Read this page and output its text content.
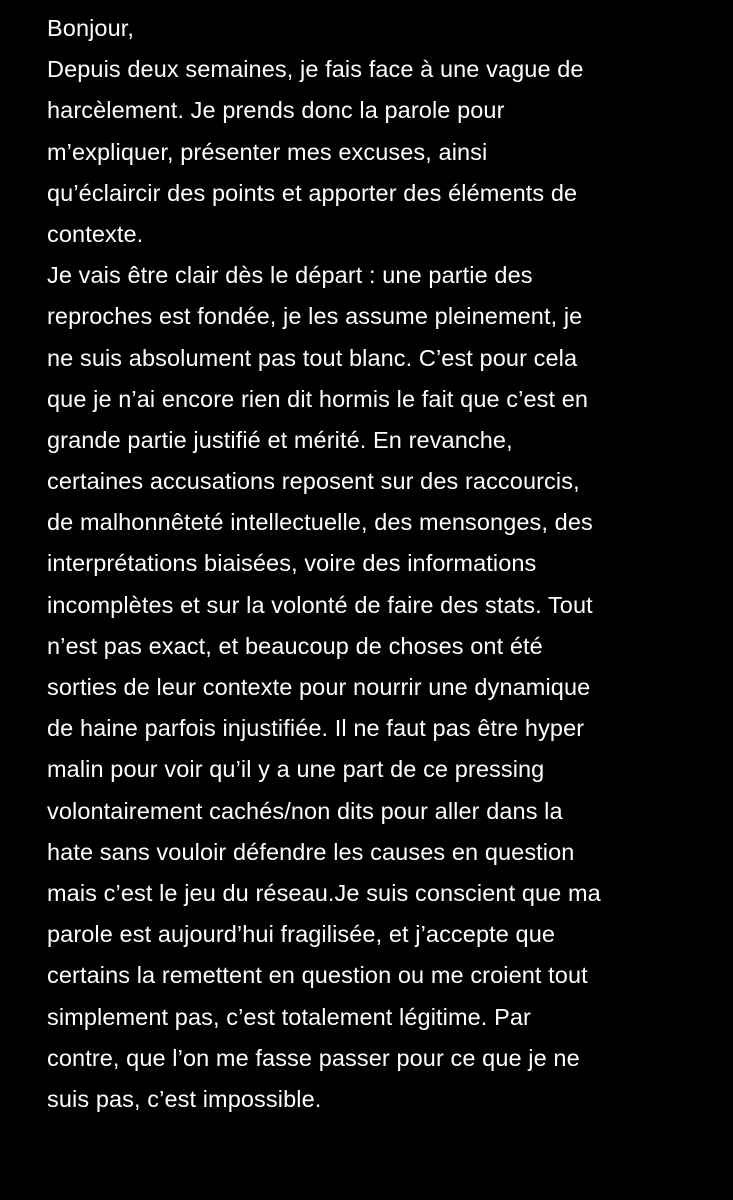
Bonjour,
Depuis deux semaines, je fais face à une vague de
harcèlement. Je prends donc la parole pour
m’expliquer, présenter mes excuses, ainsi
qu’éclaircir des points et apporter des éléments de
contexte.
Je vais être clair dès le départ : une partie des
reproches est fondée, je les assume pleinement, je
ne suis absolument pas tout blanc. C’est pour cela
que je n’ai encore rien dit hormis le fait que c’est en
grande partie justifié et mérité. En revanche,
certaines accusations reposent sur des raccourcis,
de malhonnêteté intellectuelle, des mensonges, des
interprétations biaisées, voire des informations
incomplètes et sur la volonté de faire des stats. Tout
n’est pas exact, et beaucoup de choses ont été
sorties de leur contexte pour nourrir une dynamique
de haine parfois injustifiée. Il ne faut pas être hyper
malin pour voir qu’il y a une part de ce pressing
volontairement cachés/non dits pour aller dans la
hate sans vouloir défendre les causes en question
mais c’est le jeu du réseau.Je suis conscient que ma
parole est aujourd’hui fragilisée, et j’accepte que
certains la remettent en question ou me croient tout
simplement pas, c’est totalement légitime. Par
contre, que l’on me fasse passer pour ce que je ne
suis pas, c’est impossible.
